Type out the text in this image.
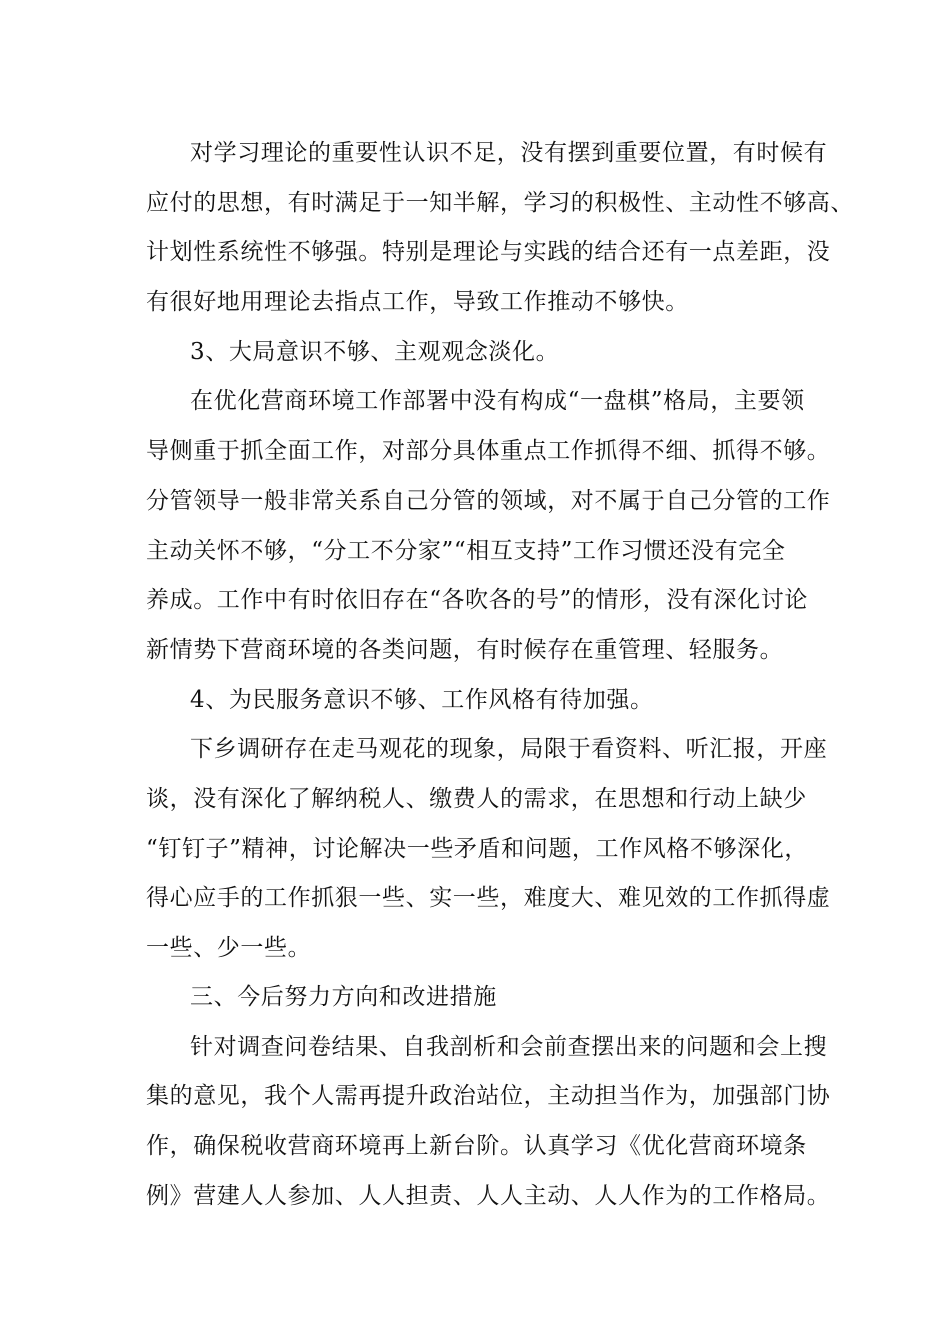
对学习理论的重要性认识不足，没有摆到重要位置，有时候有
应付的思想，有时满足于一知半解，学习的积极性、主动性不够高、
计划性系统性不够强。特别是理论与实践的结合还有一点差距，没
有很好地用理论去指点工作，导致工作推动不够快。
3、大局意识不够、主观观念淡化。
在优化营商环境工作部署中没有构成“一盘棋”格局，主要领
导侧重于抓全面工作，对部分具体重点工作抓得不细、抓得不够。
分管领导一般非常关系自己分管的领域，对不属于自己分管的工作
主动关怀不够，“分工不分家”“相互支持”工作习惯还没有完全
养成。工作中有时依旧存在“各吹各的号”的情形，没有深化讨论
新情势下营商环境的各类问题，有时候存在重管理、轻服务。
4、为民服务意识不够、工作风格有待加强。
下乡调研存在走马观花的现象，局限于看资料、听汇报，开座
谈，没有深化了解纳税人、缴费人的需求，在思想和行动上缺少
“钉钉子”精神，讨论解决一些矛盾和问题，工作风格不够深化，
得心应手的工作抓狠一些、实一些，难度大、难见效的工作抓得虚
一些、少一些。
三、今后努力方向和改进措施
针对调查问卷结果、自我剖析和会前查摆出来的问题和会上搜
集的意见，我个人需再提升政治站位，主动担当作为，加强部门协
作，确保税收营商环境再上新台阶。认真学习《优化营商环境条
例》营建人人参加、人人担责、人人主动、人人作为的工作格局。
